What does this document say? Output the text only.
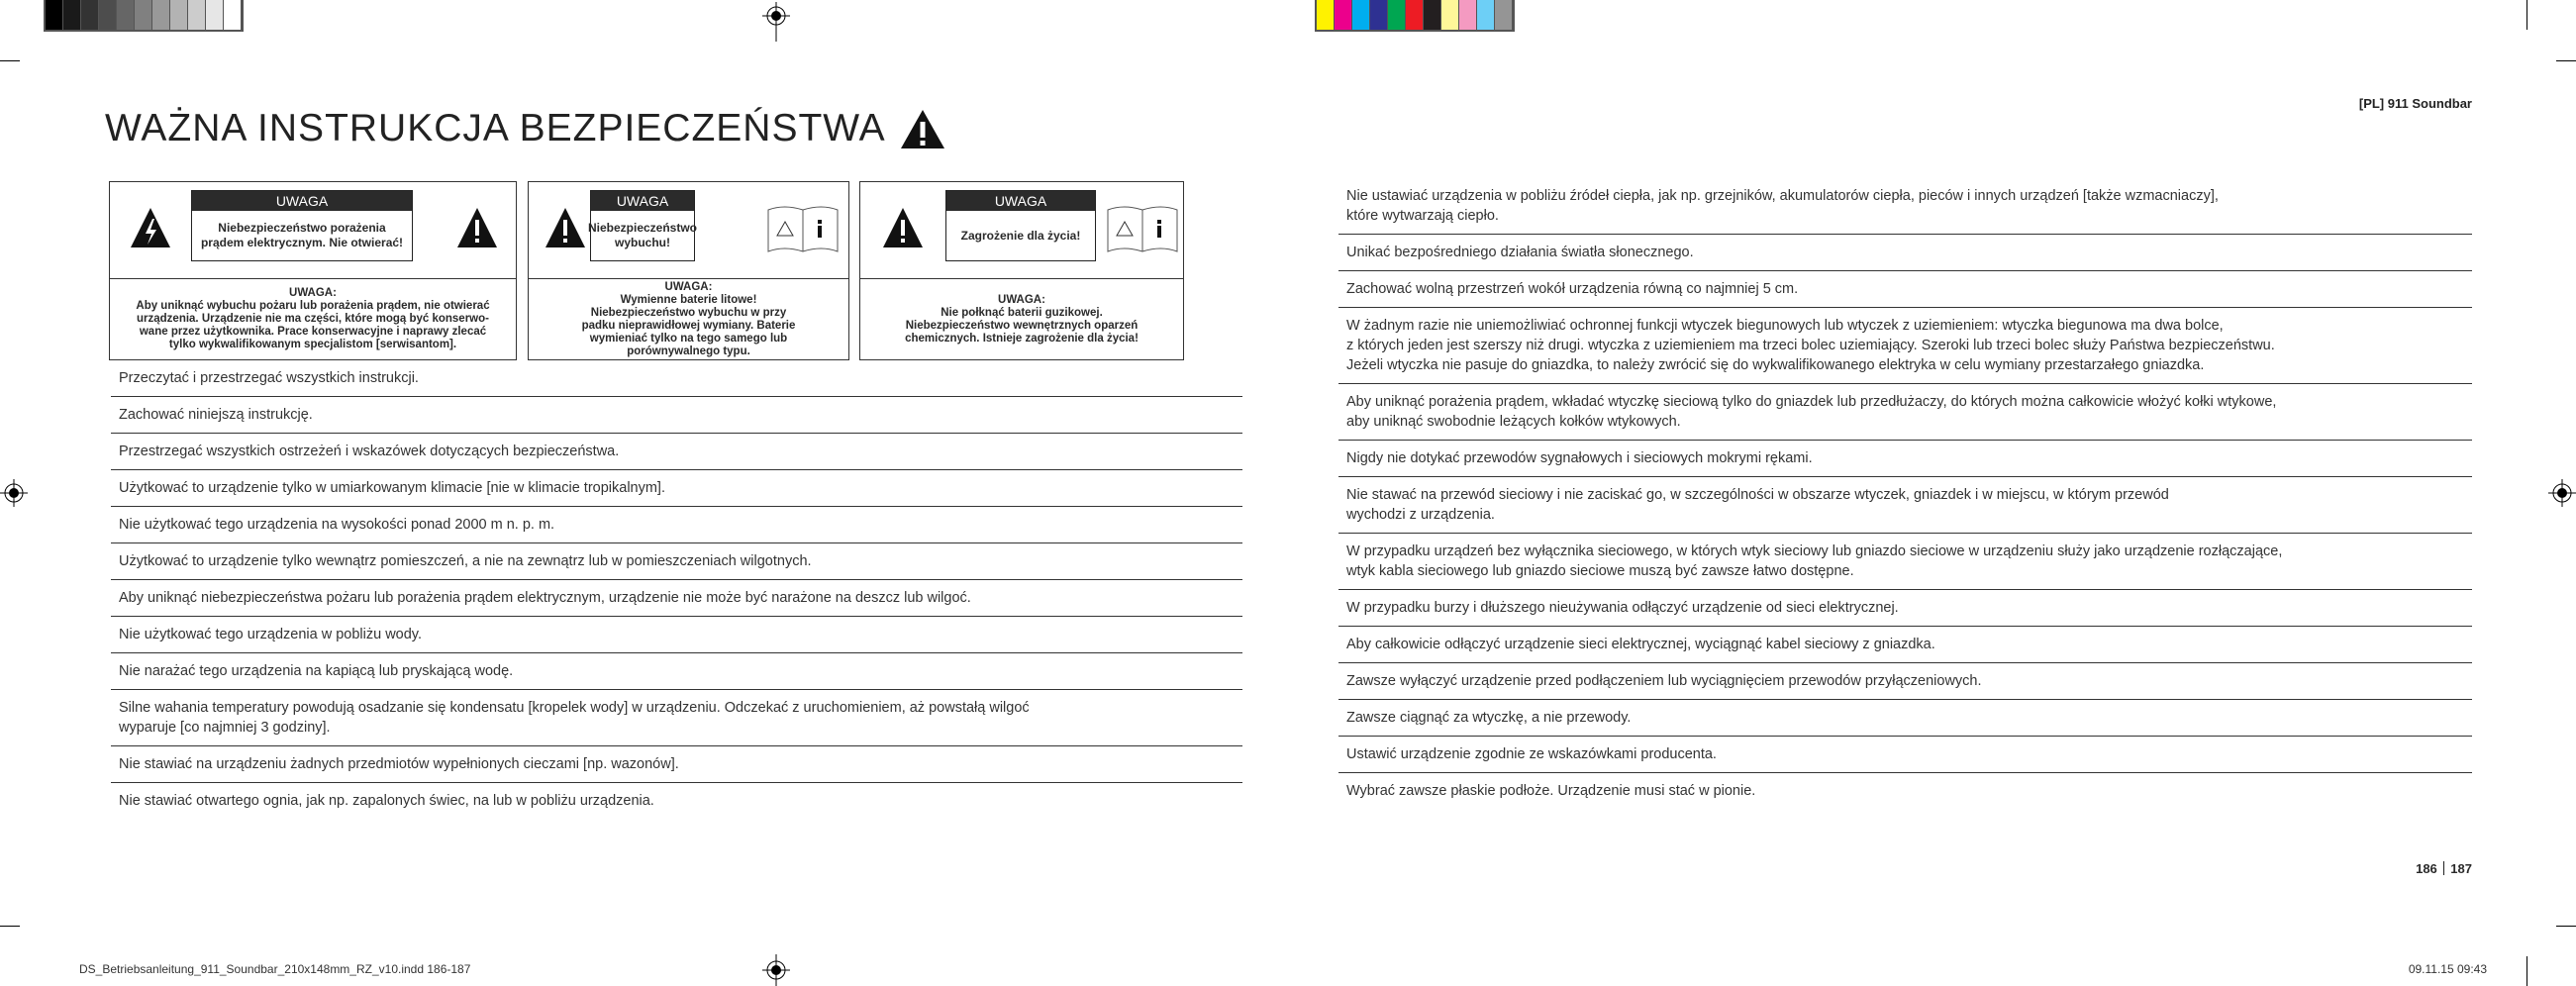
WAŻNA INSTRUKCJA BEZPIECZEŃSTWA
[PL] 911 Soundbar
UWAGA
Niebezpieczeństwo porażenia prądem elektrycznym. Nie otwierać!
UWAGA:
Aby uniknąć wybuchu pożaru lub porażenia prądem, nie otwierać
urządzenia. Urządzenie nie ma części, które mogą być konserwo-
wane przez użytkownika. Prace konserwacyjne i naprawy zlecać
tylko wykwalifikowanym specjalistom [serwisantom].
UWAGA
Niebezpieczeństwo wybuchu!
UWAGA:
Wymienne baterie litowe!
Niebezpieczeństwo wybuchu w przy
padku nieprawidłowej wymiany. Baterie
wymieniać tylko na tego samego lub
porównywalnego typu.
UWAGA
Zagrożenie dla życia!
UWAGA:
Nie połknąć baterii guzikowej.
Niebezpieczeństwo wewnętrznych oparzeń
chemicznych. Istnieje zagrożenie dla życia!
Przeczytać i przestrzegać wszystkich instrukcji.
Zachować niniejszą instrukcję.
Przestrzegać wszystkich ostrzeżeń i wskazówek dotyczących bezpieczeństwa.
Użytkować to urządzenie tylko w umiarkowanym klimacie [nie w klimacie tropikalnym].
Nie użytkować tego urządzenia na wysokości ponad 2000 m n. p. m.
Użytkować to urządzenie tylko wewnątrz pomieszczeń, a nie na zewnątrz lub w pomieszczeniach wilgotnych.
Aby uniknąć niebezpieczeństwa pożaru lub porażenia prądem elektrycznym, urządzenie nie może być narażone na deszcz lub wilgoć.
Nie użytkować tego urządzenia w pobliżu wody.
Nie narażać tego urządzenia na kapiącą lub pryskającą wodę.
Silne wahania temperatury powodują osadzanie się kondensatu [kropelek wody] w urządzeniu. Odczekać z uruchomieniem, aż powstałą wilgoć
wyparuje [co najmniej 3 godziny].
Nie stawiać na urządzeniu żadnych przedmiotów wypełnionych cieczami [np. wazonów].
Nie stawiać otwartego ognia, jak np. zapalonych świec, na lub w pobliżu urządzenia.
Nie ustawiać urządzenia w pobliżu źródeł ciepła, jak np. grzejników, akumulatorów ciepła, pieców i innych urządzeń [także wzmacniaczy],
które wytwarzają ciepło.
Unikać bezpośredniego działania światła słonecznego.
Zachować wolną przestrzeń wokół urządzenia równą co najmniej 5 cm.
W żadnym razie nie uniemożliwiać ochronnej funkcji wtyczek biegunowych lub wtyczek z uziemieniem: wtyczka biegunowa ma dwa bolce,
z których jeden jest szerszy niż drugi. wtyczka z uziemieniem ma trzeci bolec uziemiający. Szeroki lub trzeci bolec służy Państwa bezpieczeństwu.
Jeżeli wtyczka nie pasuje do gniazdka, to należy zwrócić się do wykwalifikowanego elektryka w celu wymiany przestarzałego gniazdka.
Aby uniknąć porażenia prądem, wkładać wtyczkę sieciową tylko do gniazdek lub przedłużaczy, do których można całkowicie włożyć kołki wtykowe,
aby uniknąć swobodnie leżących kołków wtykowych.
Nigdy nie dotykać przewodów sygnałowych i sieciowych mokrymi rękami.
Nie stawać na przewód sieciowy i nie zaciskać go, w szczególności w obszarze wtyczek, gniazdek i w miejscu, w którym przewód
wychodzi z urządzenia.
W przypadku urządzeń bez wyłącznika sieciowego, w których wtyk sieciowy lub gniazdo sieciowe w urządzeniu służy jako urządzenie rozłączające,
wtyk kabla sieciowego lub gniazdo sieciowe muszą być zawsze łatwo dostępne.
W przypadku burzy i dłuższego nieużywania odłączyć urządzenie od sieci elektrycznej.
Aby całkowicie odłączyć urządzenie sieci elektrycznej, wyciągnąć kabel sieciowy z gniazdka.
Zawsze wyłączyć urządzenie przed podłączeniem lub wyciągnięciem przewodów przyłączeniowych.
Zawsze ciągnąć za wtyczkę, a nie przewody.
Ustawić urządzenie zgodnie ze wskazówkami producenta.
Wybrać zawsze płaskie podłoże. Urządzenie musi stać w pionie.
186 187
DS_Betriebsanleitung_911_Soundbar_210x148mm_RZ_v10.indd 186-187	09.11.15 09:43
